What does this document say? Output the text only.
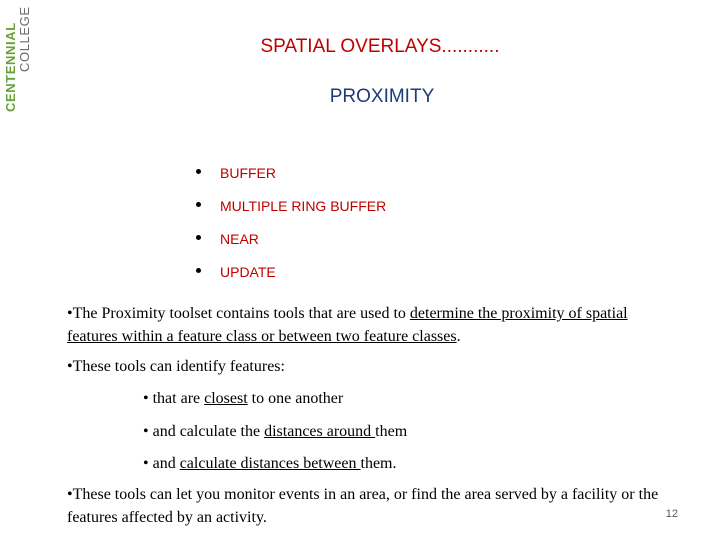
CENTENNIAL COLLEGE	SPATIAL OVERLAYS...........
PROXIMITY
BUFFER
MULTIPLE RING BUFFER
NEAR
UPDATE
•The Proximity toolset contains tools that are used to determine the proximity of spatial features within a feature class or between two feature classes.
•These tools can identify features:
• that are closest to one another
• and calculate the distances around them
• and calculate distances between them.
•These tools can let you monitor events in an area, or find the area served by a facility or the features affected by an activity.	12
